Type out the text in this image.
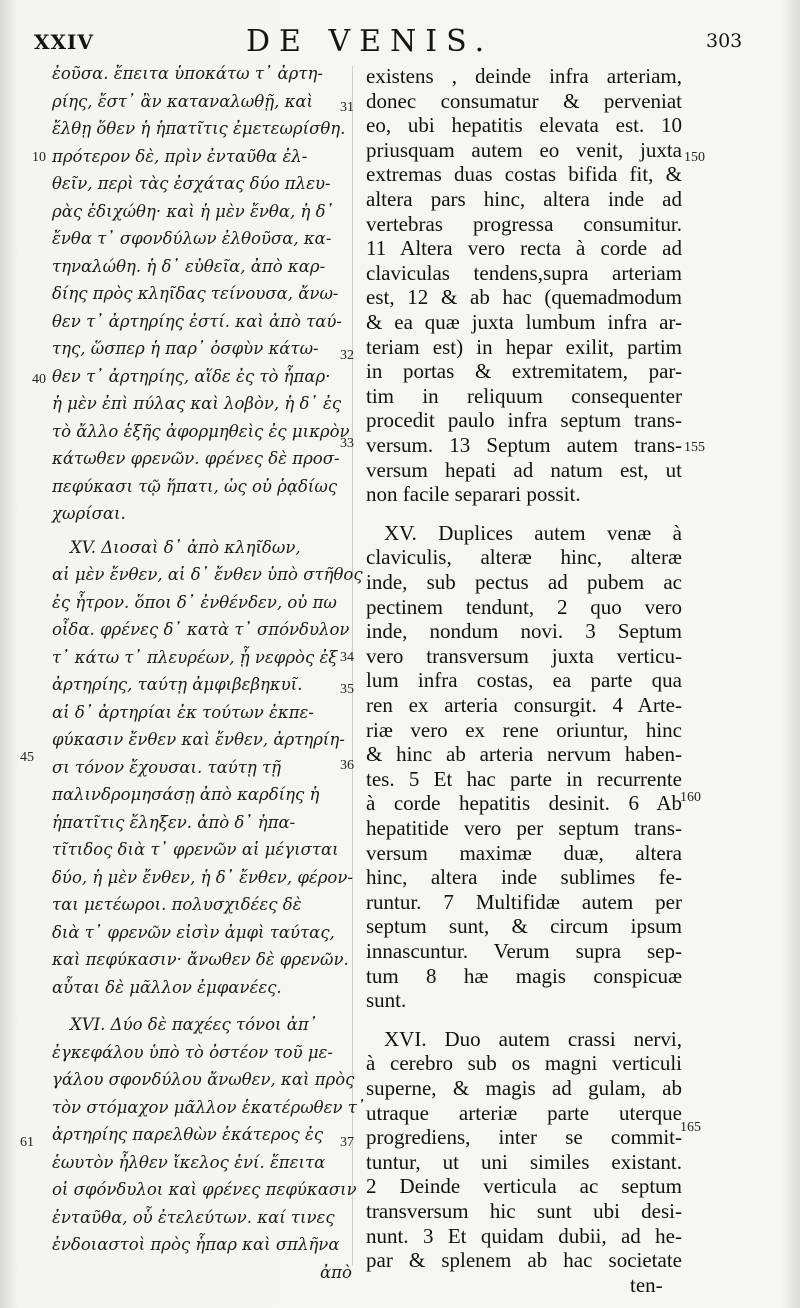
XXIV	DE VENIS.	303
ἐοῦσα. ἔπειτα ὑποκάτω τ᾽ ἀρτη-
ρίης, ἔστ᾽ ἂν καταναλωθῇ, καὶ
ἔλθῃ ὅθεν ἡ ἡπατῖτις ἐμετεωρίσθη.
πρότερον δὲ, πρὶν ἐνταῦθα ἐλ-
θεῖν, περὶ τὰς ἐσχάτας δύο πλευ-
ρὰς ἐδιχώθη· καὶ ἡ μὲν ἔνθα, ἡ δ᾽
ἔνθα τ᾽ σφονδύλων ἐλθοῦσα, κα-
τηναλώθη. ἡ δ᾽ εὐθεῖα, ἀπὸ καρ-
δίης πρὸς κληῖδας τείνουσα, ἄνω-
θεν τ᾽ ἀρτηρίης ἐστί. καὶ ἀπὸ ταύ-
της, ὥσπερ ἡ παρ᾽ ὀσφὺν κάτω-
θεν τ᾽ ἀρτηρίης, αἵδε ἐς τὸ ἧπαρ·
ἡ μὲν ἐπὶ πύλας καὶ λοβὸν, ἡ δ᾽ ἐς
τὸ ἄλλο ἑξῆς ἀφορμηθεὶς ἐς μικρὸν
κάτωθεν φρενῶν. φρένες δὲ προσ-
πεφύκασι τῷ ἥπατι, ὡς οὐ ῥᾳδίως
χωρίσαι.
XV. Διοσαὶ δ᾽ ἀπὸ κληῖδων,
αἱ μὲν ἔνθεν, αἱ δ᾽ ἔνθεν ὑπὸ στῆθος
ἐς ἦτρον. ὅποι δ᾽ ἐνθένδεν, οὐ πω
οἶδα. φρένες δ᾽ κατὰ τ᾽ σπόνδυλον
τ᾽ κάτω τ᾽ πλευρέων, ᾗ νεφρὸς ἐξ
ἀρτηρίης, ταύτῃ ἀμφιβεβηκυῖ.
αἱ δ᾽ ἀρτηρίαι ἐκ τούτων ἐκπε-
φύκασιν ἔνθεν καὶ ἔνθεν, ἀρτηρίη-
σι τόνον ἔχουσαι. ταύτῃ τῇ
παλινδρομησάσῃ ἀπὸ καρδίης ἡ
ἡπατῖτις ἔληξεν. ἀπὸ δ᾽ ἡπα-
τῖτιδος διὰ τ᾽ φρενῶν αἱ μέγισται
δύο, ἡ μὲν ἔνθεν, ἡ δ᾽ ἔνθεν, φέρον-
ται μετέωροι. πολυσχιδέες δὲ
διὰ τ᾽ φρενῶν εἰσὶν ἀμφὶ ταύτας,
καὶ πεφύκασιν· ἄνωθεν δὲ φρενῶν.
αὗται δὲ μᾶλλον ἐμφανέες.
XVI. Δύο δὲ παχέες τόνοι ἀπ᾽
ἐγκεφάλου ὑπὸ τὸ ὀστέον τοῦ με-
γάλου σφονδύλου ἄνωθεν, καὶ πρὸς
τὸν στόμαχον μᾶλλον ἑκατέρωθεν τ᾽
ἀρτηρίης παρελθὼν ἑκάτερος ἐς
ἑωυτὸν ἦλθεν ἴκελος ἑνί. ἔπειτα
οἱ σφόνδυλοι καὶ φρένες πεφύκασιν
ἐνταῦθα, οὗ ἐτελεύτων. καί τινες
ἐνδοιαστοὶ πρὸς ἧπαρ καὶ σπλῆνα
ἀπὸ
existens , deinde infra arteriam,
donec consumatur & perveniat
eo, ubi hepatitis elevata est. 10
priusquam autem eo venit, juxta
extremas duas costas bifida fit, &
altera pars hinc, altera inde ad
vertebras progressa consumitur.
11 Altera vero recta à corde ad
claviculas tendens,supra arteriam
est, 12 & ab hac (quemadmodum
& ea quæ juxta lumbum infra ar-
teriam est) in hepar exilit, partim
in portas & extremitatem, par-
tim in reliquum consequenter
procedit paulo infra septum trans-
versum. 13 Septum autem trans-
versum hepati ad natum est, ut
non facile separari possit.
XV. Duplices autem venæ à
claviculis, alteræ hinc, alteræ
inde, sub pectus ad pubem ac
pectinem tendunt, 2 quo vero
inde, nondum novi. 3 Septum
vero transversum juxta verticu-
lum infra costas, ea parte qua
ren ex arteria consurgit. 4 Arte-
riæ vero ex rene oriuntur, hinc
& hinc ab arteria nervum haben-
tes. 5 Et hac parte in recurrente
à corde hepatitis desinit. 6 Ab
hepatitide vero per septum trans-
versum maximæ duæ, altera
hinc, altera inde sublimes fe-
runtur. 7 Multifidæ autem per
septum sunt, & circum ipsum
innascuntur. Verum supra sep-
tum 8 hæ magis conspicuæ
sunt.
XVI. Duo autem crassi nervi,
à cerebro sub os magni verticuli
superne, & magis ad gulam, ab
utraque arteriæ parte uterque
progrediens, inter se commit-
tuntur, ut uni similes existant.
2 Deinde verticula ac septum
transversum hic sunt ubi desi-
nunt. 3 Et quidam dubii, ad he-
par & splenem ab hac societate
ten-
31
32
33
34
35
36
37
10
40
45
61
150
155
160
165
